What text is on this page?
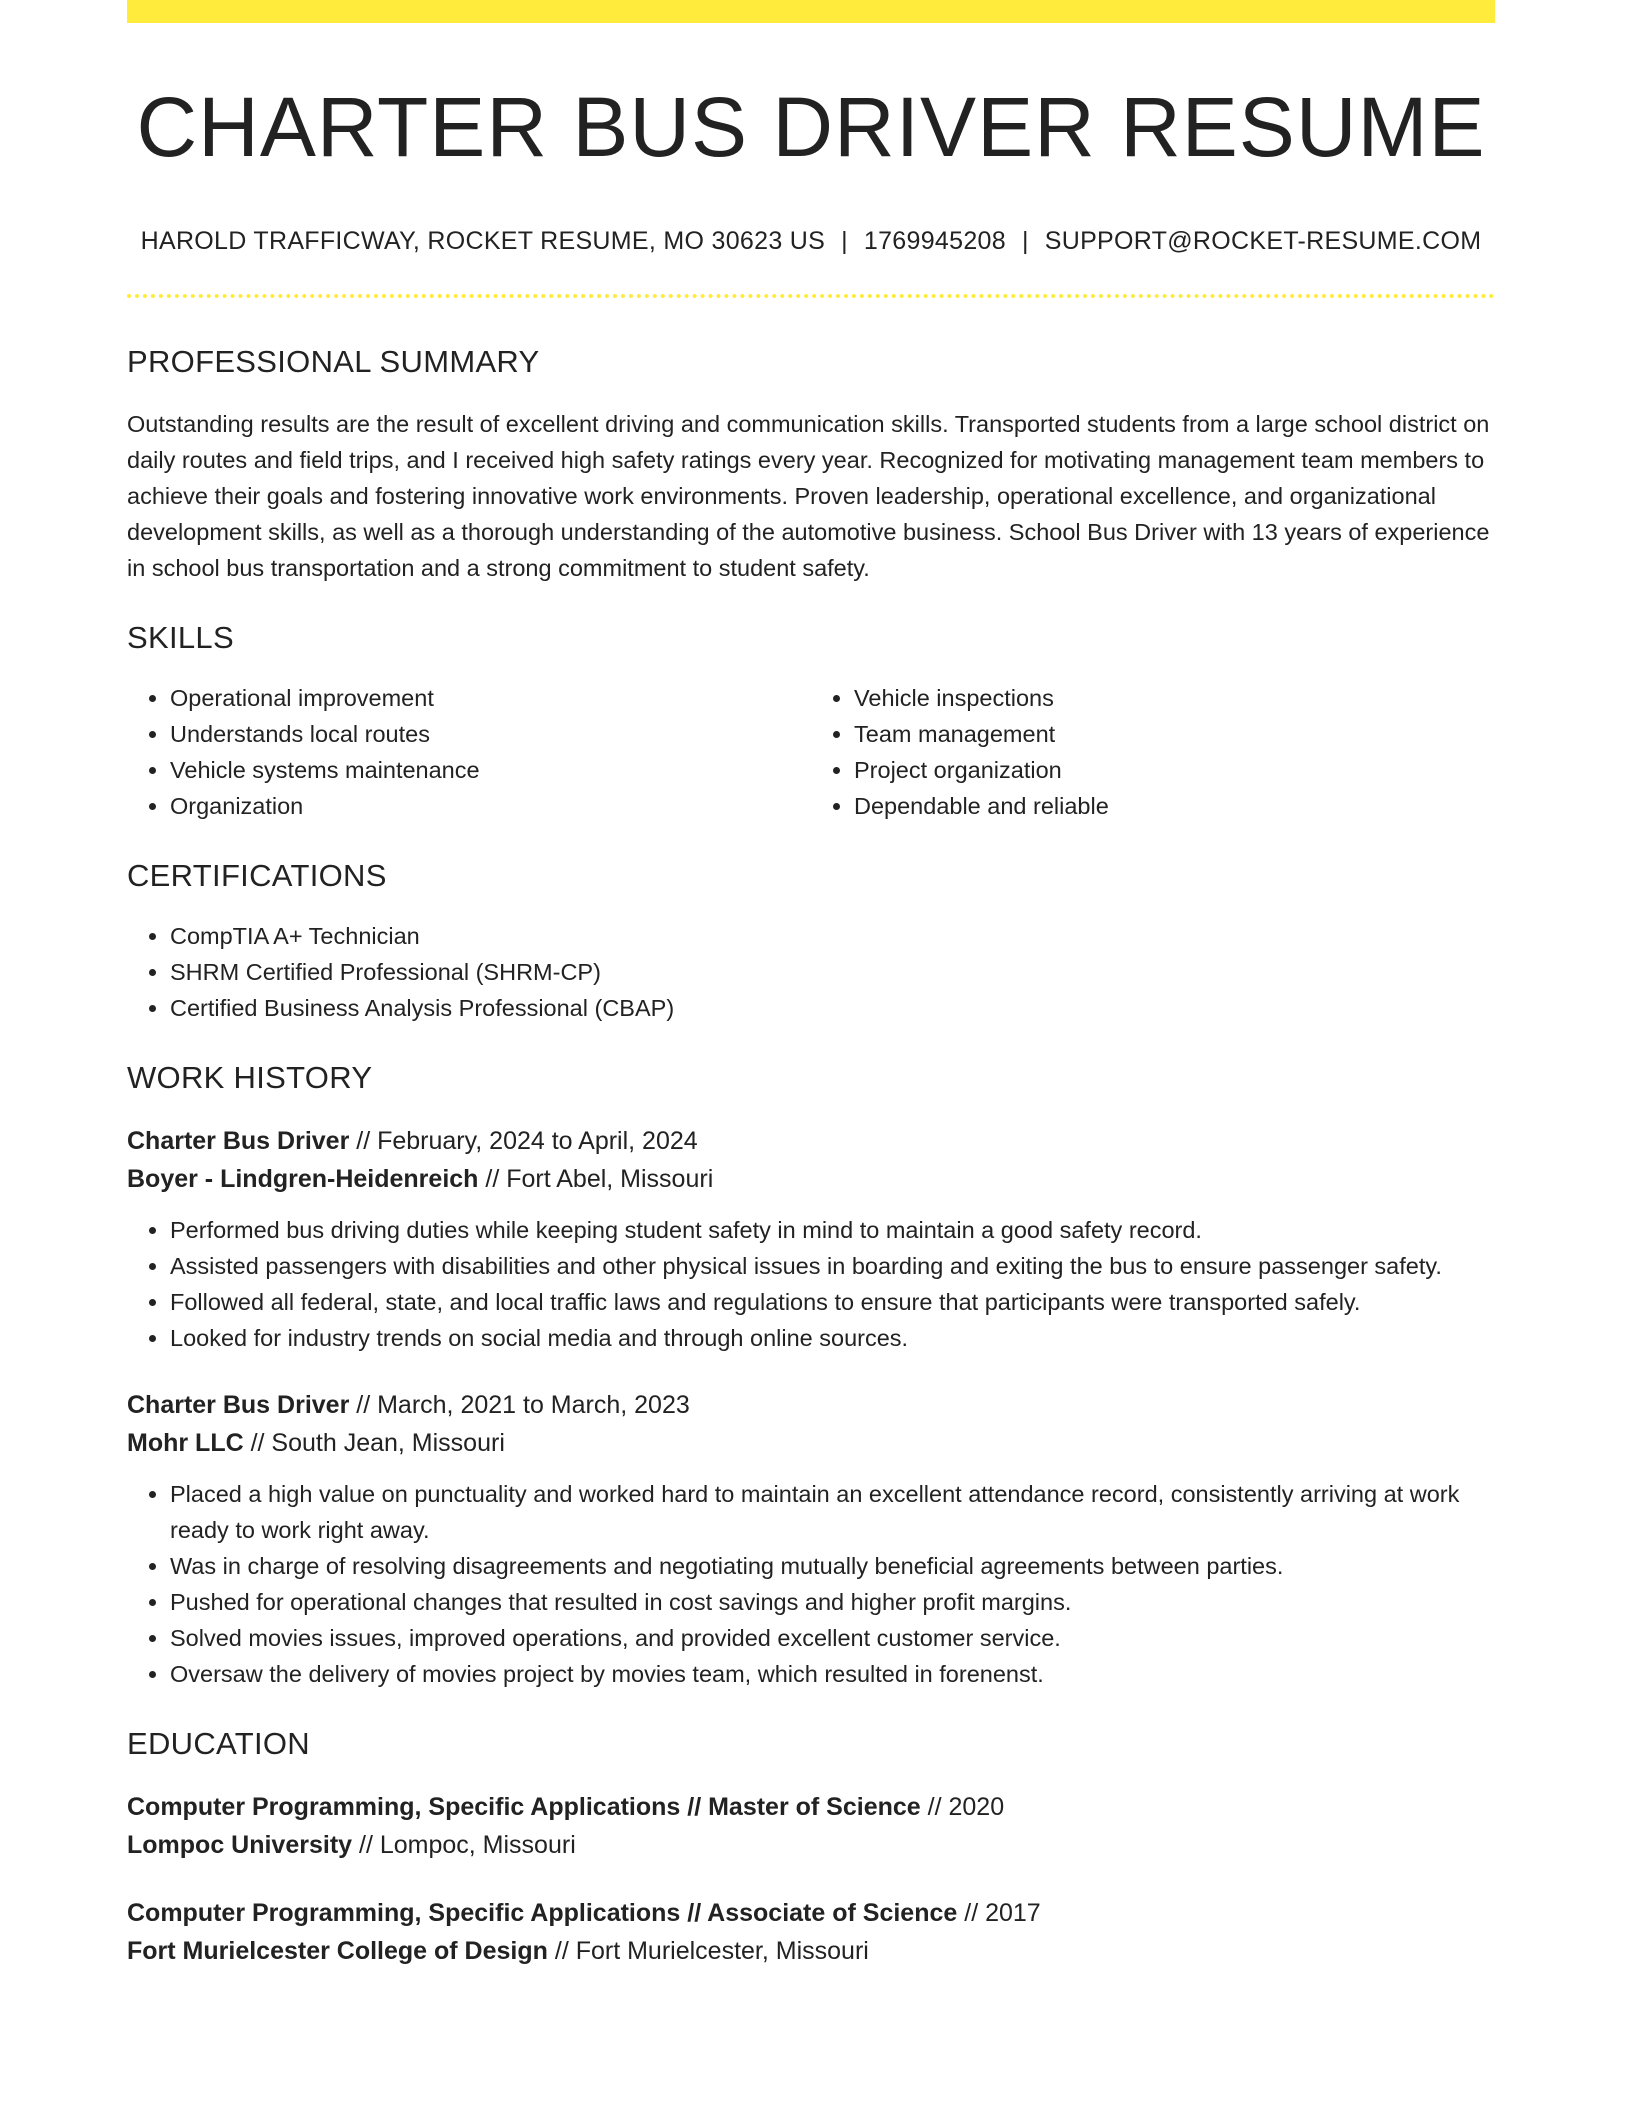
CHARTER BUS DRIVER RESUME
HAROLD TRAFFICWAY, ROCKET RESUME, MO 30623 US | 1769945208 | SUPPORT@ROCKET-RESUME.COM
PROFESSIONAL SUMMARY
Outstanding results are the result of excellent driving and communication skills. Transported students from a large school district on daily routes and field trips, and I received high safety ratings every year. Recognized for motivating management team members to achieve their goals and fostering innovative work environments. Proven leadership, operational excellence, and organizational development skills, as well as a thorough understanding of the automotive business. School Bus Driver with 13 years of experience in school bus transportation and a strong commitment to student safety.
SKILLS
• Operational improvement
• Understands local routes
• Vehicle systems maintenance
• Organization
• Vehicle inspections
• Team management
• Project organization
• Dependable and reliable
CERTIFICATIONS
• CompTIA A+ Technician
• SHRM Certified Professional (SHRM-CP)
• Certified Business Analysis Professional (CBAP)
WORK HISTORY
Charter Bus Driver // February, 2024 to April, 2024
Boyer - Lindgren-Heidenreich // Fort Abel, Missouri
• Performed bus driving duties while keeping student safety in mind to maintain a good safety record.
• Assisted passengers with disabilities and other physical issues in boarding and exiting the bus to ensure passenger safety.
• Followed all federal, state, and local traffic laws and regulations to ensure that participants were transported safely.
• Looked for industry trends on social media and through online sources.
Charter Bus Driver // March, 2021 to March, 2023
Mohr LLC // South Jean, Missouri
• Placed a high value on punctuality and worked hard to maintain an excellent attendance record, consistently arriving at work ready to work right away.
• Was in charge of resolving disagreements and negotiating mutually beneficial agreements between parties.
• Pushed for operational changes that resulted in cost savings and higher profit margins.
• Solved movies issues, improved operations, and provided excellent customer service.
• Oversaw the delivery of movies project by movies team, which resulted in forenenst.
EDUCATION
Computer Programming, Specific Applications // Master of Science // 2020
Lompoc University // Lompoc, Missouri
Computer Programming, Specific Applications // Associate of Science // 2017
Fort Murielcester College of Design // Fort Murielcester, Missouri
